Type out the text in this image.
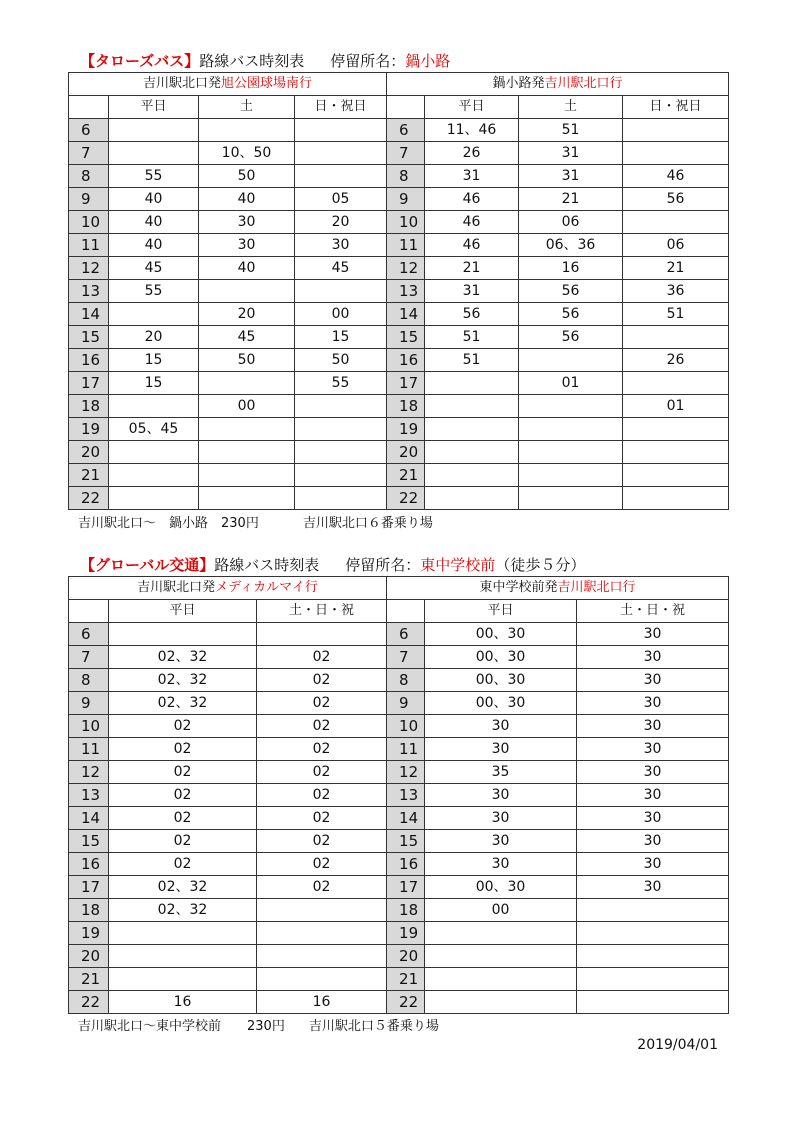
【タローズバス】路線バス時刻表 停留所名：鍋小路
吉川駅北口発旭公園球場南行				鍋小路発吉川駅北口行			
	平日	土	日・祝日		平日	土	日・祝日
6				6	11、46	51	
7		10、50		7	26	31	
8	55	50		8	31	31	46
9	40	40	05	9	46	21	56
10	40	30	20	10	46	06	
11	40	30	30	11	46	06、36	06
12	45	40	45	12	21	16	21
13	55			13	31	56	36
14		20	00	14	56	56	51
15	20	45	15	15	51	56	
16	15	50	50	16	51		26
17	15		55	17		01	
18		00		18			01
19	05、45			19			
20				20			
21				21			
22				22			
吉川駅北口～　鍋小路　230円	吉川駅北口６番乗り場
【グローバル交通】路線バス時刻表 停留所名：東中学校前（徒歩５分）
吉川駅北口発メディカルマイ行			東中学校前発吉川駅北口行		
	平日	土・日・祝		平日	土・日・祝
6			6	00、30	30
7	02、32	02	7	00、30	30
8	02、32	02	8	00、30	30
9	02、32	02	9	00、30	30
10	02	02	10	30	30
11	02	02	11	30	30
12	02	02	12	35	30
13	02	02	13	30	30
14	02	02	14	30	30
15	02	02	15	30	30
16	02	02	16	30	30
17	02、32	02	17	00、30	30
18	02、32		18	00	
19			19		
20			20		
21			21		
22	16	16	22		
吉川駅北口～東中学校前　　230円 吉川駅北口５番乗り場
2019/04/01
